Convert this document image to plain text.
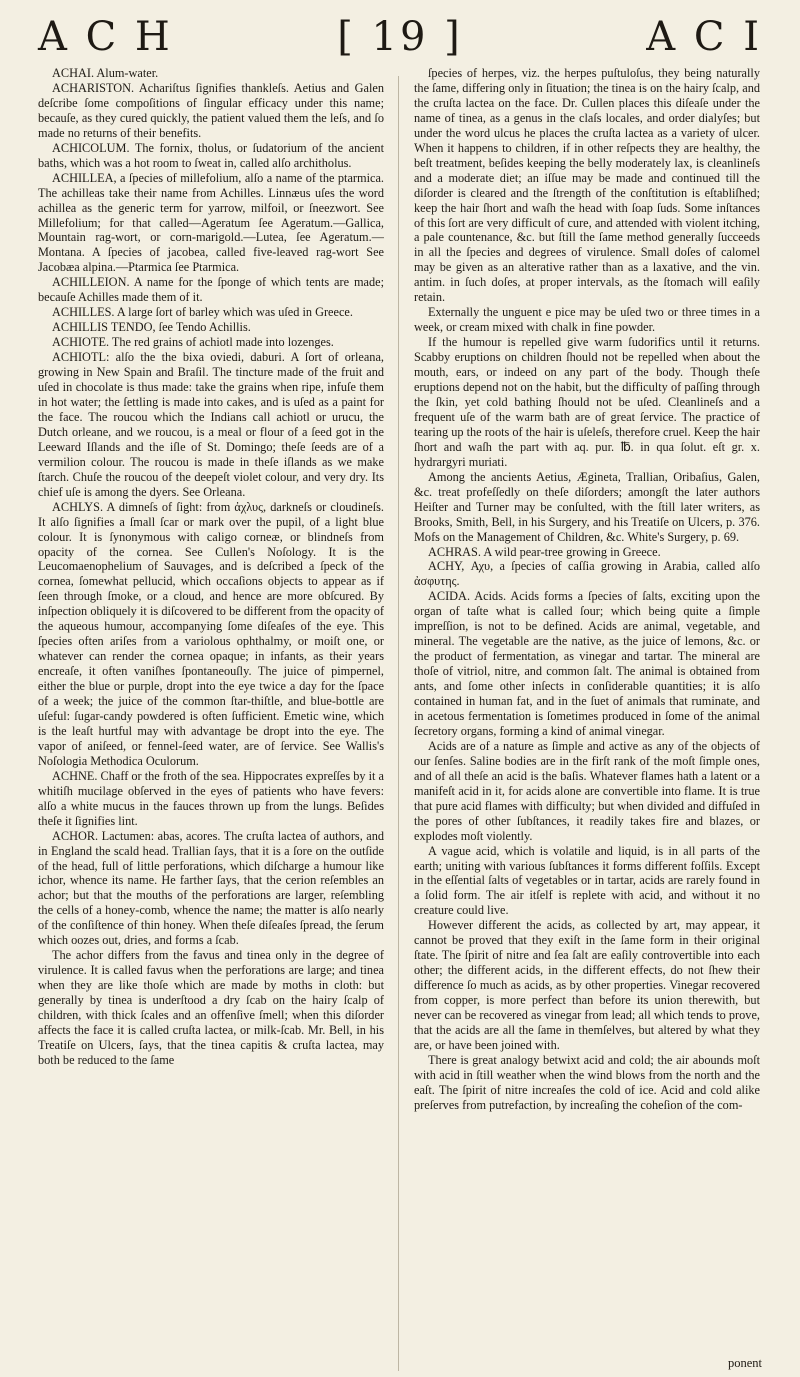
A C H	[ 19 ]	A C I

ACHAI. Alum-water.

ACHARISTON. Achariſtus ſignifies thankleſs. Aetius and Galen deſcribe ſome compoſitions of ſingular efficacy under this name; becauſe, as they cured quickly, the patient valued them the leſs, and ſo made no returns of their benefits.

ACHICOLUM. The fornix, tholus, or ſudatorium of the ancient baths, which was a hot room to ſweat in, called alſo architholus.

ACHILLEA, a ſpecies of millefolium, alſo a name of the ptarmica. The achilleas take their name from Achilles. Linnæus uſes the word achillea as the generic term for yarrow, milfoil, or ſneezwort. See Millefolium; for that called—Ageratum ſee Ageratum.—Gallica, Mountain rag-wort, or corn-marigold.—Lutea, ſee Ageratum.—Montana. A ſpecies of jacobea, called five-leaved rag-wort See Jacobæa alpina.—Ptarmica ſee Ptarmica.

ACHILLEION. A name for the ſponge of which tents are made; becauſe Achilles made them of it.

ACHILLES. A large ſort of barley which was uſed in Greece.

ACHILLIS TENDO, ſee Tendo Achillis.

ACHIOTE. The red grains of achiotl made into lozenges.

ACHIOTL: alſo the the bixa oviedi, daburi. A ſort of orleana, growing in New Spain and Braſil. The tincture made of the fruit and uſed in chocolate is thus made: take the grains when ripe, infuſe them in hot water; the ſettling is made into cakes, and is uſed as a paint for the face. The roucou which the Indians call achiotl or urucu, the Dutch orleane, and we roucou, is a meal or flour of a ſeed got in the Leeward Iſlands and the iſle of St. Domingo; theſe ſeeds are of a vermilion colour. The roucou is made in theſe iſlands as we make ſtarch. Chuſe the roucou of the deepeſt violet colour, and very dry. Its chief uſe is among the dyers. See Orleana.

ACHLYS. A dimneſs of ſight: from ἀχλυς, darkneſs or cloudineſs. It alſo ſignifies a ſmall ſcar or mark over the pupil, of a light blue colour. It is ſynonymous with caligo corneæ, or blindneſs from opacity of the cornea. See Cullen's Noſology. It is the Leucomaenophelium of Sauvages, and is deſcribed a ſpeck of the cornea, ſomewhat pellucid, which occaſions objects to appear as if ſeen through ſmoke, or a cloud, and hence are more obſcured. By inſpection obliquely it is diſcovered to be different from the opacity of the aqueous humour, accompanying ſome diſeaſes of the eye. This ſpecies often ariſes from a variolous ophthalmy, or moiſt one, or whatever can render the cornea opaque; in infants, as their years encreaſe, it often vaniſhes ſpontaneouſly. The juice of pimpernel, either the blue or purple, dropt into the eye twice a day for the ſpace of a week; the juice of the common ſtar-thiſtle, and blue-bottle are uſeful: ſugar-candy powdered is often ſufficient. Emetic wine, which is the leaſt hurtful may with advantage be dropt into the eye. The vapor of aniſeed, or fennel-ſeed water, are of ſervice. See Wallis's Noſologia Methodica Oculorum.

ACHNE. Chaff or the froth of the sea. Hippocrates expreſſes by it a whitiſh mucilage obſerved in the eyes of patients who have fevers: alſo a white mucus in the fauces thrown up from the lungs. Beſides theſe it ſignifies lint.

ACHOR. Lactumen: abas, acores. The cruſta lactea of authors, and in England the scald head. Trallian ſays, that it is a ſore on the outſide of the head, full of little perforations, which diſcharge a humour like ichor, whence its name. He farther ſays, that the cerion reſembles an achor; but that the mouths of the perforations are larger, reſembling the cells of a honey-comb, whence the name; the matter is alſo nearly of the conſiſtence of thin honey. When theſe diſeaſes ſpread, the ſerum which oozes out, dries, and forms a ſcab.

The achor differs from the favus and tinea only in the degree of virulence. It is called favus when the perforations are large; and tinea when they are like thoſe which are made by moths in cloth: but generally by tinea is underſtood a dry ſcab on the hairy ſcalp of children, with thick ſcales and an offenſive ſmell; when this diſorder affects the face it is called cruſta lactea, or milk-ſcab. Mr. Bell, in his Treatiſe on Ulcers, ſays, that the tinea capitis & cruſta lactea, may both be reduced to the ſame

ſpecies of herpes, viz. the herpes puſtuloſus, they being naturally the ſame, differing only in ſituation; the tinea is on the hairy ſcalp, and the cruſta lactea on the face. Dr. Cullen places this diſeaſe under the name of tinea, as a genus in the claſs locales, and order dialyſes; but under the word ulcus he places the cruſta lactea as a variety of ulcer. When it happens to children, if in other reſpects they are healthy, the beſt treatment, beſides keeping the belly moderately lax, is cleanlineſs and a moderate diet; an iſſue may be made and continued till the diſorder is cleared and the ſtrength of the conſtitution is eſtabliſhed; keep the hair ſhort and waſh the head with ſoap ſuds. Some inſtances of this ſort are very difficult of cure, and attended with violent itching, a pale countenance, &c. but ſtill the ſame method generally ſucceeds in all the ſpecies and degrees of virulence. Small doſes of calomel may be given as an alterative rather than as a laxative, and the vin. antim. in ſuch doſes, at proper intervals, as the ſtomach will eaſily retain.

Externally the unguent e pice may be uſed two or three times in a week, or cream mixed with chalk in fine powder.

If the humour is repelled give warm ſudorifics until it returns. Scabby eruptions on children ſhould not be repelled when about the mouth, ears, or indeed on any part of the body. Though theſe eruptions depend not on the habit, but the difficulty of paſſing through the ſkin, yet cold bathing ſhould not be uſed. Cleanlineſs and a frequent uſe of the warm bath are of great ſervice. The practice of tearing up the roots of the hair is uſeleſs, therefore cruel. Keep the hair ſhort and waſh the part with aq. pur. ℔. in qua ſolut. eſt gr. x. hydrargyri muriati.

Among the ancients Aetius, Ægineta, Trallian, Oribaſius, Galen, &c. treat profeſſedly on theſe diſorders; amongſt the later authors Heiſter and Turner may be conſulted, with the ſtill later writers, as Brooks, Smith, Bell, in his Surgery, and his Treatiſe on Ulcers, p. 376. Mofs on the Management of Children, &c. White's Surgery, p. 69.

ACHRAS. A wild pear-tree growing in Greece.

ACHY, Αχυ, a ſpecies of caſſia growing in Arabia, called alſo ἀσφυτης.

ACIDA. Acids. Acids forms a ſpecies of ſalts, exciting upon the organ of taſte what is called ſour; which being quite a ſimple impreſſion, is not to be defined. Acids are animal, vegetable, and mineral. The vegetable are the native, as the juice of lemons, &c. or the product of fermentation, as vinegar and tartar. The mineral are thoſe of vitriol, nitre, and common ſalt. The animal is obtained from ants, and ſome other inſects in conſiderable quantities; it is alſo contained in human fat, and in the ſuet of animals that ruminate, and in acetous fermentation is ſometimes produced in ſome of the animal ſecretory organs, forming a kind of animal vinegar.

Acids are of a nature as ſimple and active as any of the objects of our ſenſes. Saline bodies are in the firſt rank of the moſt ſimple ones, and of all theſe an acid is the baſis. Whatever flames hath a latent or a manifeſt acid in it, for acids alone are convertible into flame. It is true that pure acid flames with difficulty; but when divided and diffuſed in the pores of other ſubſtances, it readily takes fire and blazes, or explodes moſt violently.

A vague acid, which is volatile and liquid, is in all parts of the earth; uniting with various ſubſtances it forms different foſſils. Except in the eſſential ſalts of vegetables or in tartar, acids are rarely found in a ſolid form. The air itſelf is replete with acid, and without it no creature could live.

However different the acids, as collected by art, may appear, it cannot be proved that they exiſt in the ſame form in their original ſtate. The ſpirit of nitre and ſea ſalt are eaſily controvertible into each other; the different acids, in the different effects, do not ſhew their difference ſo much as acids, as by other properties. Vinegar recovered from copper, is more perfect than before its union therewith, but never can be recovered as vinegar from lead; all which tends to prove, that the acids are all the ſame in themſelves, but altered by what they are, or have been joined with.

There is great analogy betwixt acid and cold; the air abounds moſt with acid in ſtill weather when the wind blows from the north and the eaſt. The ſpirit of nitre increaſes the cold of ice. Acid and cold alike preſerves from putrefaction, by increaſing the coheſion of the com-

ponent
